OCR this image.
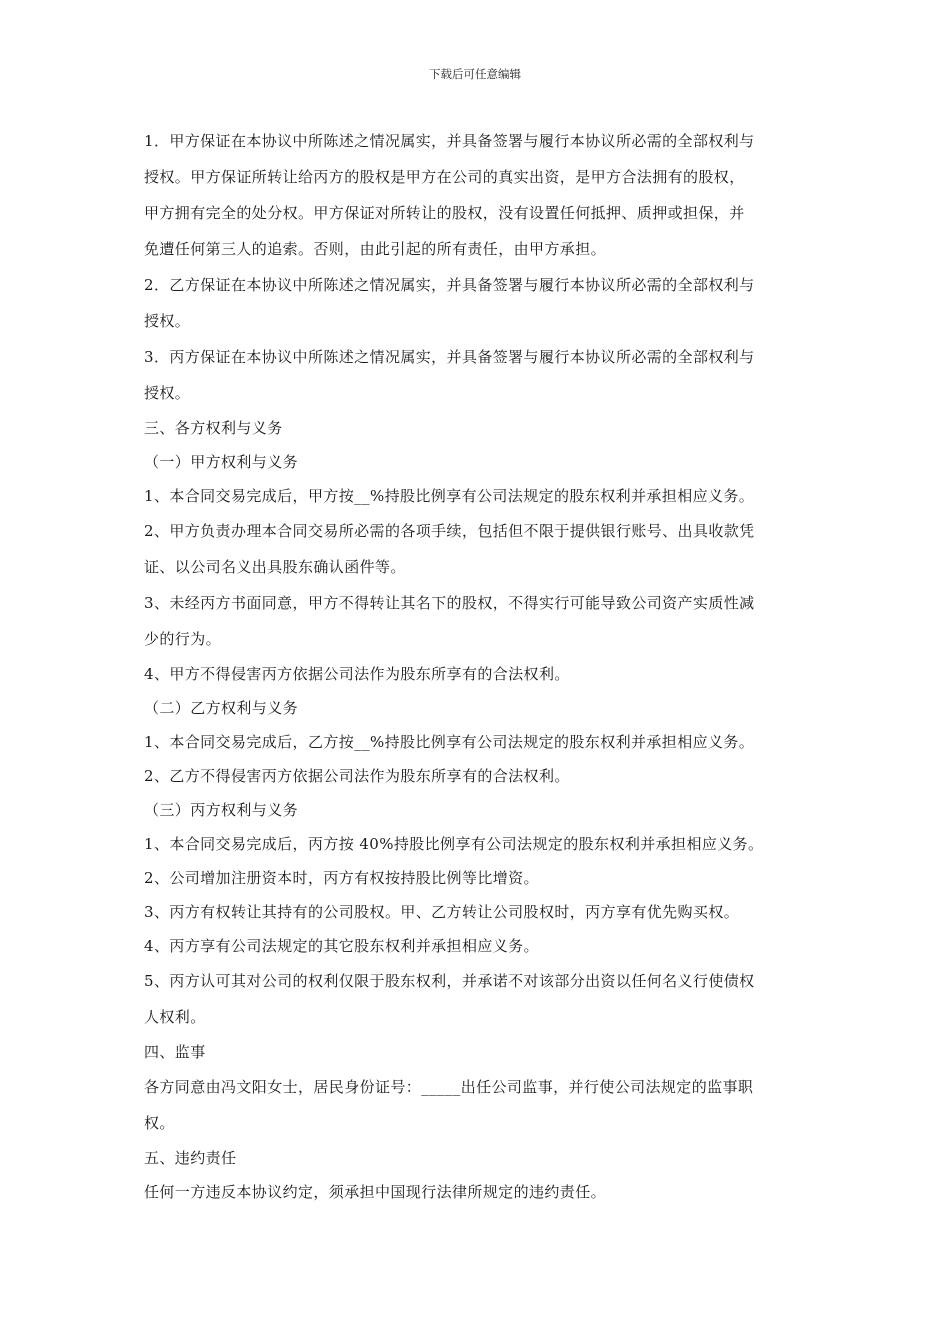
下载后可任意编辑
1．甲方保证在本协议中所陈述之情况属实，并具备签署与履行本协议所必需的全部权利与
授权。甲方保证所转让给丙方的股权是甲方在公司的真实出资，是甲方合法拥有的股权，
甲方拥有完全的处分权。甲方保证对所转让的股权，没有设置任何抵押、质押或担保，并
免遭任何第三人的追索。否则，由此引起的所有责任，由甲方承担。
2．乙方保证在本协议中所陈述之情况属实，并具备签署与履行本协议所必需的全部权利与
授权。
3．丙方保证在本协议中所陈述之情况属实，并具备签署与履行本协议所必需的全部权利与
授权。
三、各方权利与义务
（一）甲方权利与义务
1、本合同交易完成后，甲方按__%持股比例享有公司法规定的股东权利并承担相应义务。
2、甲方负责办理本合同交易所必需的各项手续，包括但不限于提供银行账号、出具收款凭
证、以公司名义出具股东确认函件等。
3、未经丙方书面同意，甲方不得转让其名下的股权，不得实行可能导致公司资产实质性减
少的行为。
4、甲方不得侵害丙方依据公司法作为股东所享有的合法权利。
（二）乙方权利与义务
1、本合同交易完成后，乙方按__%持股比例享有公司法规定的股东权利并承担相应义务。
2、乙方不得侵害丙方依据公司法作为股东所享有的合法权利。
（三）丙方权利与义务
1、本合同交易完成后，丙方按 40%持股比例享有公司法规定的股东权利并承担相应义务。
2、公司增加注册资本时，丙方有权按持股比例等比增资。
3、丙方有权转让其持有的公司股权。甲、乙方转让公司股权时，丙方享有优先购买权。
4、丙方享有公司法规定的其它股东权利并承担相应义务。
5、丙方认可其对公司的权利仅限于股东权利，并承诺不对该部分出资以任何名义行使债权
人权利。
四、监事
各方同意由冯文阳女士，居民身份证号：_____出任公司监事，并行使公司法规定的监事职
权。
五、违约责任
任何一方违反本协议约定，须承担中国现行法律所规定的违约责任。
